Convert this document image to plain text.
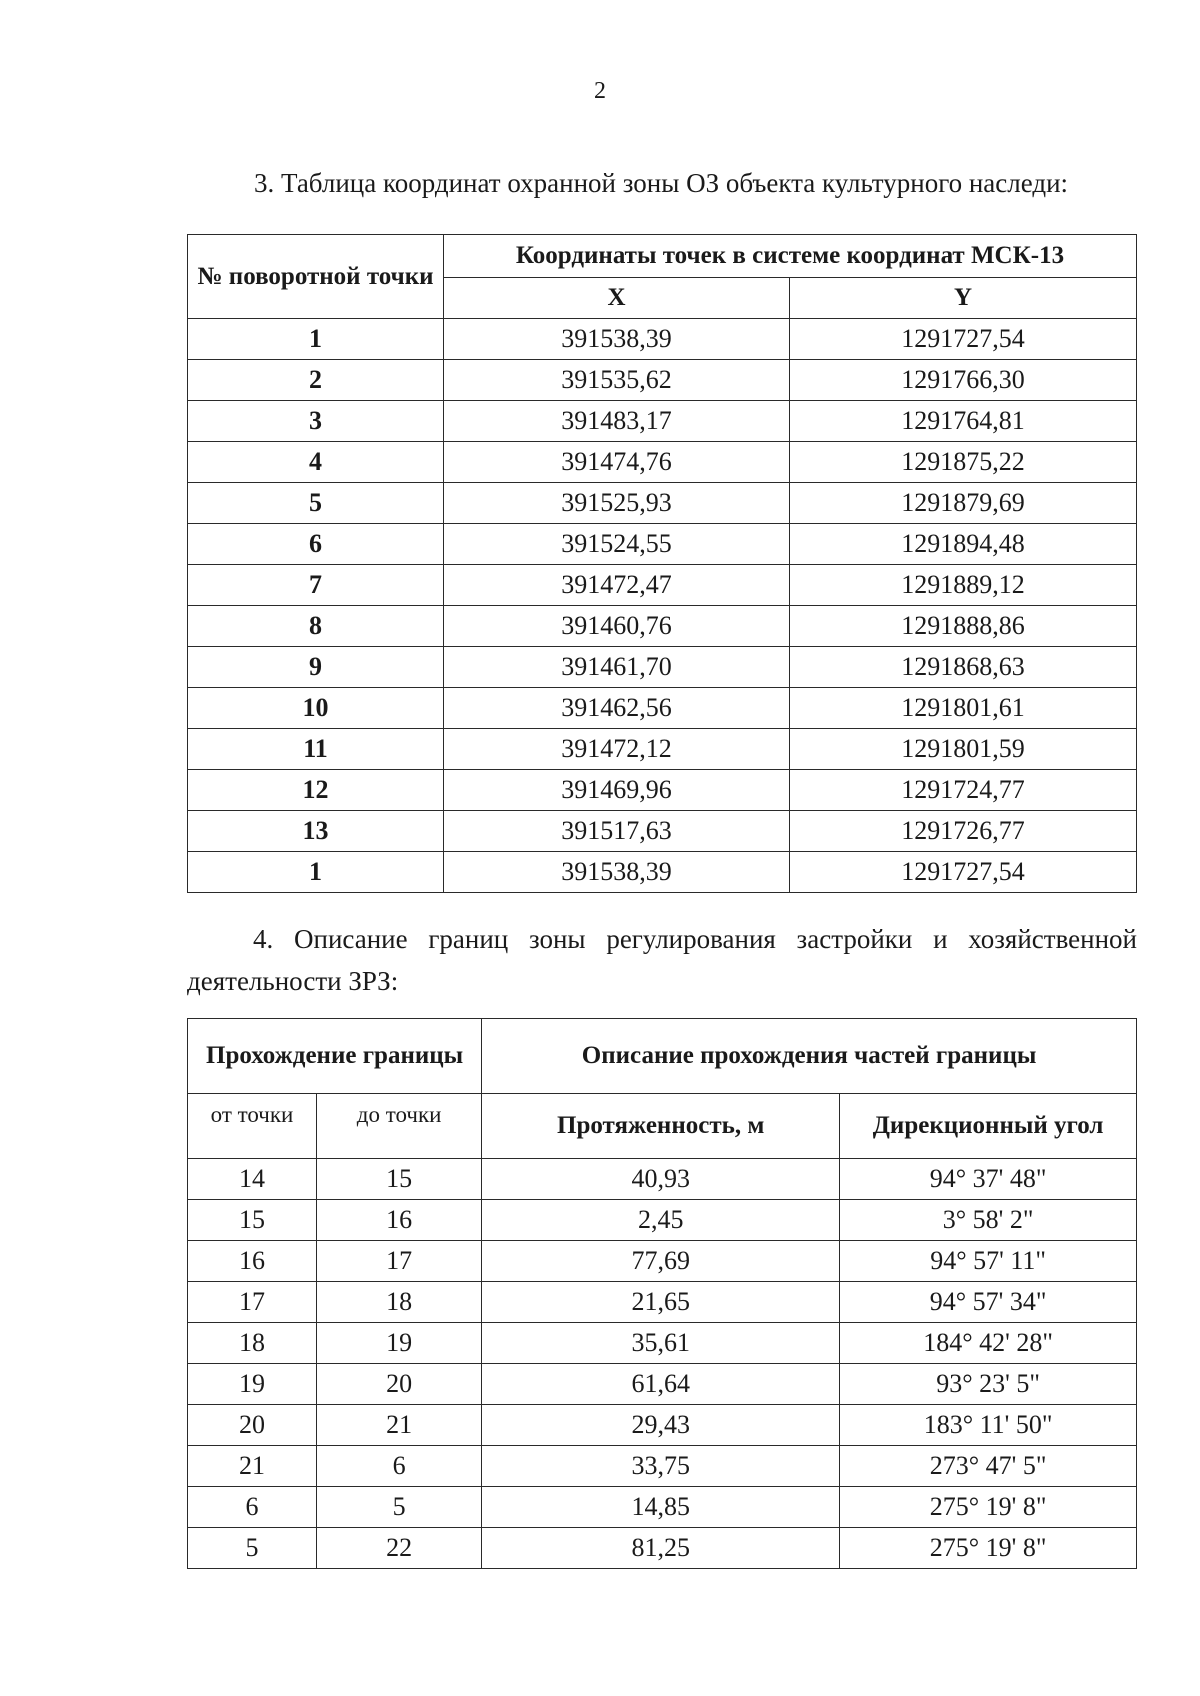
2
3. Таблица координат охранной зоны ОЗ объекта культурного наследи:
№ поворотной точки	Координаты точек в системе координат МСК-13	
	X	Y
1	391538,39	1291727,54
2	391535,62	1291766,30
3	391483,17	1291764,81
4	391474,76	1291875,22
5	391525,93	1291879,69
6	391524,55	1291894,48
7	391472,47	1291889,12
8	391460,76	1291888,86
9	391461,70	1291868,63
10	391462,56	1291801,61
11	391472,12	1291801,59
12	391469,96	1291724,77
13	391517,63	1291726,77
1	391538,39	1291727,54
4. Описание границ зоны регулирования застройки и хозяйственной
деятельности ЗРЗ:
Прохождение границы		Описание прохождения частей границы	
от точки	до точки	Протяженность, м	Дирекционный угол
14	15	40,93	94° 37' 48"
15	16	2,45	3° 58' 2"
16	17	77,69	94° 57' 11"
17	18	21,65	94° 57' 34"
18	19	35,61	184° 42' 28"
19	20	61,64	93° 23' 5"
20	21	29,43	183° 11' 50"
21	6	33,75	273° 47' 5"
6	5	14,85	275° 19' 8"
5	22	81,25	275° 19' 8"
